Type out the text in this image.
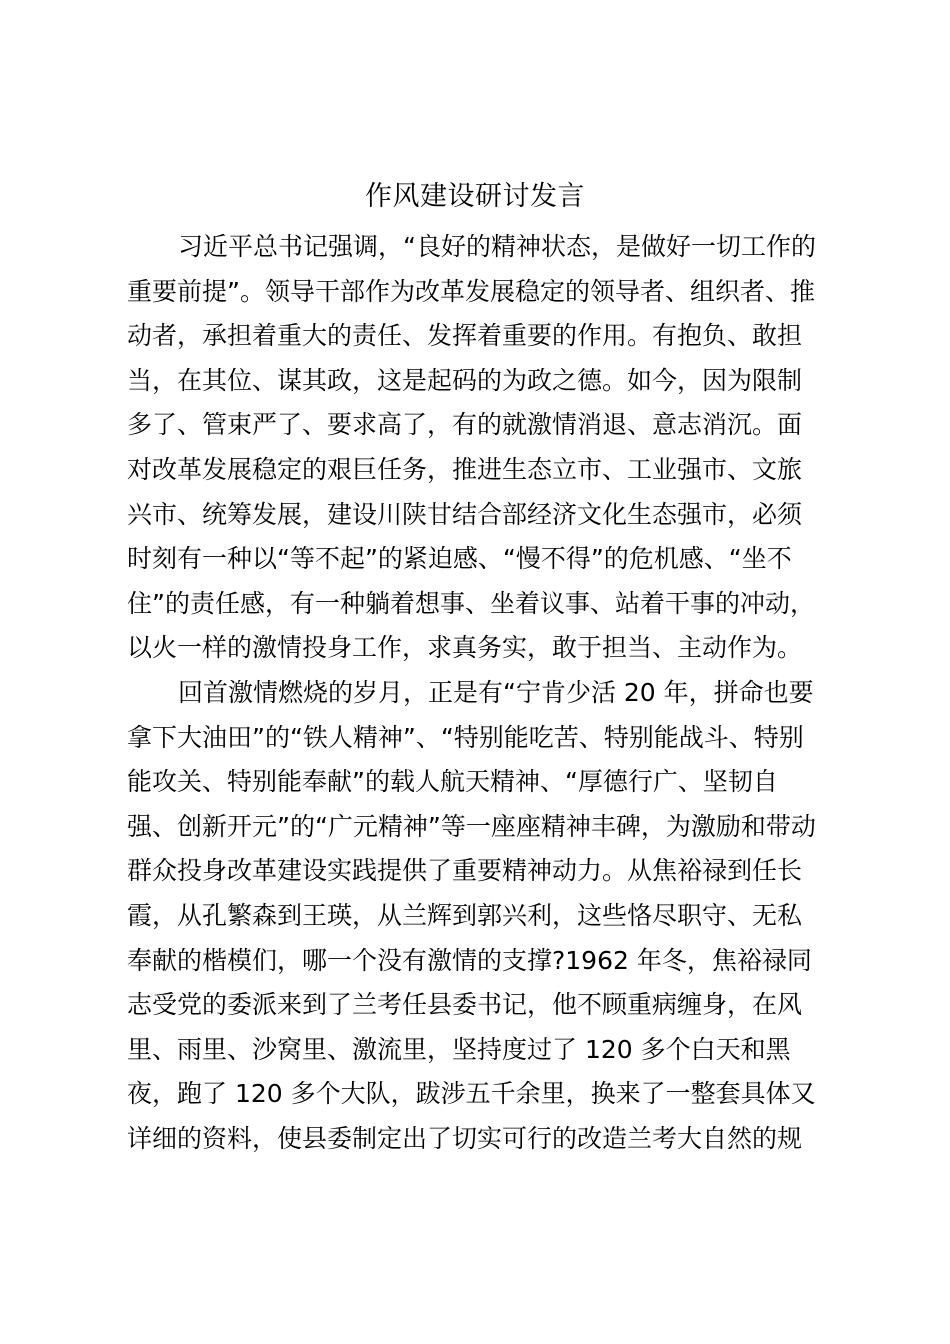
作风建设研讨发言
习近平总书记强调，“良好的精神状态，是做好一切工作的
重要前提”。领导干部作为改革发展稳定的领导者、组织者、推
动者，承担着重大的责任、发挥着重要的作用。有抱负、敢担
当，在其位、谋其政，这是起码的为政之德。如今，因为限制
多了、管束严了、要求高了，有的就激情消退、意志消沉。面
对改革发展稳定的艰巨任务，推进生态立市、工业强市、文旅
兴市、统筹发展，建设川陕甘结合部经济文化生态强市，必须
时刻有一种以“等不起”的紧迫感、“慢不得”的危机感、“坐不
住”的责任感，有一种躺着想事、坐着议事、站着干事的冲动，
以火一样的激情投身工作，求真务实，敢于担当、主动作为。
回首激情燃烧的岁月，正是有“宁肯少活 20 年，拼命也要
拿下大油田”的“铁人精神”、“特别能吃苦、特别能战斗、特别
能攻关、特别能奉献”的载人航天精神、“厚德行广、坚韧自
强、创新开元”的“广元精神”等一座座精神丰碑，为激励和带动
群众投身改革建设实践提供了重要精神动力。从焦裕禄到任长
霞，从孔繁森到王瑛，从兰辉到郭兴利，这些恪尽职守、无私
奉献的楷模们，哪一个没有激情的支撑?1962 年冬，焦裕禄同
志受党的委派来到了兰考任县委书记，他不顾重病缠身，在风
里、雨里、沙窝里、激流里，坚持度过了 120 多个白天和黑
夜，跑了 120 多个大队，跋涉五千余里，换来了一整套具体又
详细的资料，使县委制定出了切实可行的改造兰考大自然的规
